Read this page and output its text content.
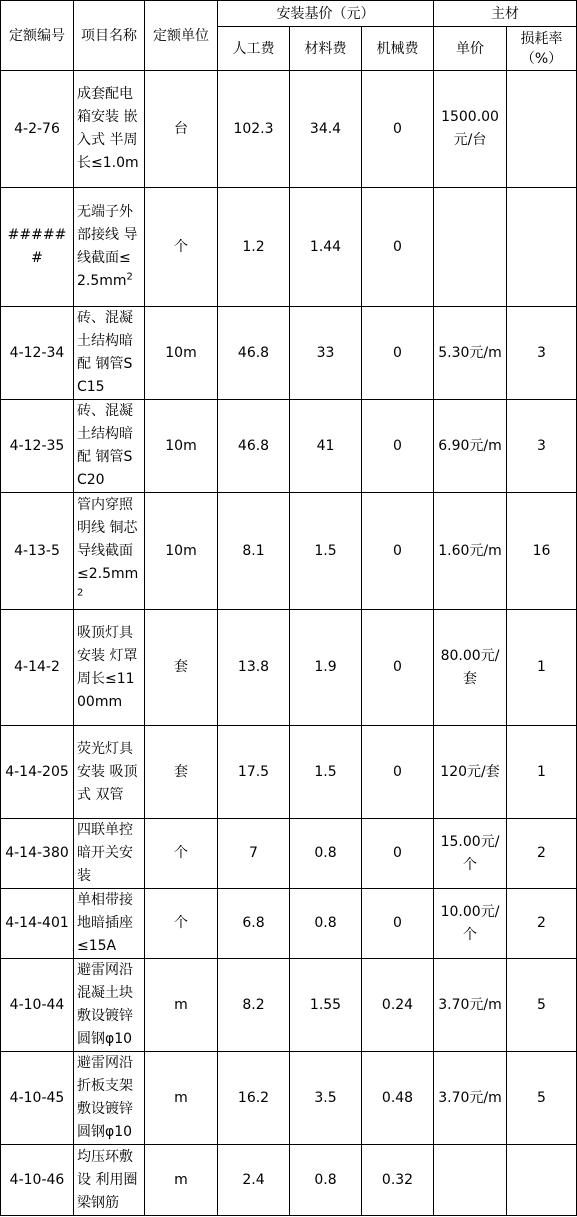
定额编号	项目名称	定额单位	安装基价（元）			主材	
			人工费	材料费	机械费	单价	损耗率（%）
4-2-76	成套配电箱安装 嵌入式 半周长≤1.0m	台	102.3	34.4	0	1500.00元/台	
######	无端子外部接线 导线截面$\le 2.5mm^2$	个	1.2	1.44	0		
4-12-34	砖、混凝土结构暗配 钢管SC15	10m	46.8	33	0	5.30元/m	3
4-12-35	砖、混凝土结构暗配 钢管SC20	10m	46.8	41	0	6.90元/m	3
4-13-5	管内穿照明线 铜芯 导线截面$\le 2.5mm^2$	10m	8.1	1.5	0	1.60元/m	16
4-14-2	吸顶灯具安装 灯罩周长≤1100mm	套	13.8	1.9	0	80.00元/套	1
4-14-205	荧光灯具安装 吸顶式 双管	套	17.5	1.5	0	120元/套	1
4-14-380	四联单控暗开关安装	个	7	0.8	0	15.00元/个	2
4-14-401	单相带接地暗插座≤15A	个	6.8	0.8	0	10.00元/个	2
4-10-44	避雷网沿混凝土块敷设镀锌圆钢φ10	m	8.2	1.55	0.24	3.70元/m	5
4-10-45	避雷网沿折板支架敷设镀锌圆钢φ10	m	16.2	3.5	0.48	3.70元/m	5
4-10-46	均压环敷设 利用圈梁钢筋	m	2.4	0.8	0.32		
